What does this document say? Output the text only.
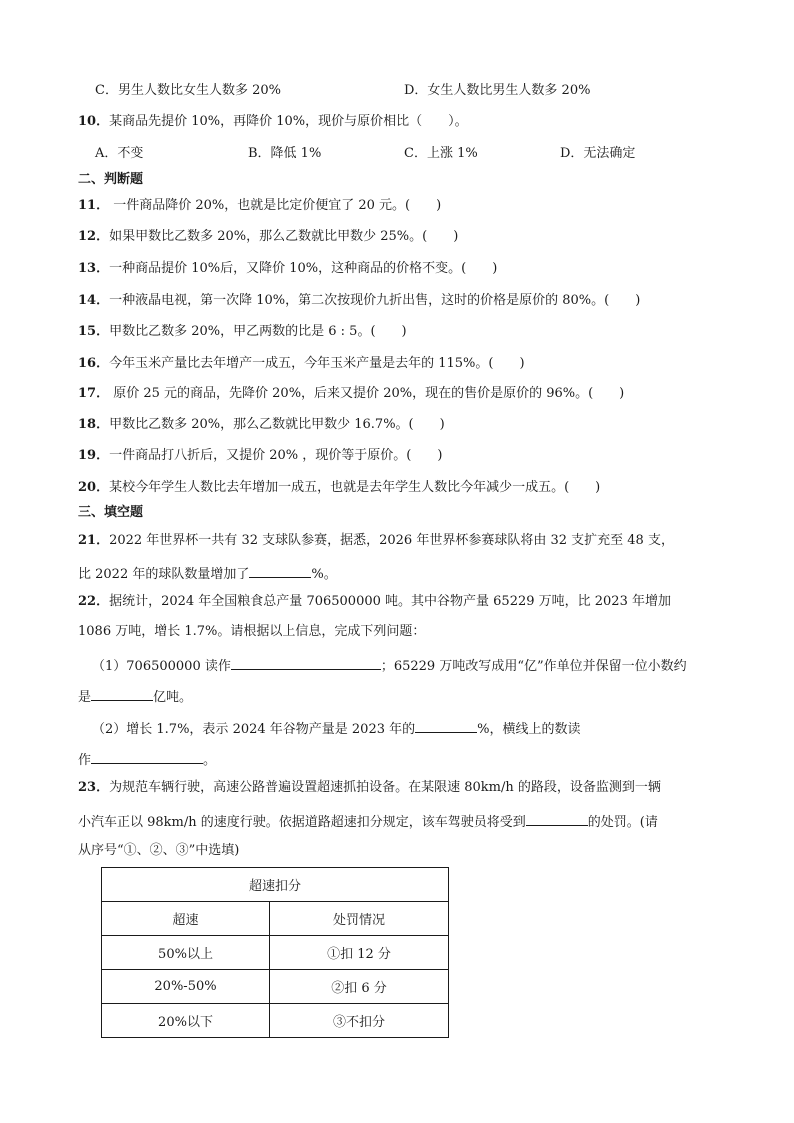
C．男生人数比女生人数多 20%	D．女生人数比男生人数多 20%
10．某商品先提价 10%，再降价 10%，现价与原价相比（　　）。
A．不变	B．降低 1%	C．上涨 1%	D．无法确定
二、判断题
11． 一件商品降价 20%，也就是比定价便宜了 20 元。(　　)
12．如果甲数比乙数多 20%，那么乙数就比甲数少 25%。(　　)
13．一种商品提价 10%后，又降价 10%，这种商品的价格不变。(　　)
14．一种液晶电视，第一次降 10%，第二次按现价九折出售，这时的价格是原价的 80%。(　　)
15．甲数比乙数多 20%，甲乙两数的比是 6 : 5。(　　)
16．今年玉米产量比去年增产一成五，今年玉米产量是去年的 115%。(　　)
17． 原价 25 元的商品，先降价 20%，后来又提价 20%，现在的售价是原价的 96%。(　　)
18．甲数比乙数多 20%，那么乙数就比甲数少 16.7%。(　　)
19．一件商品打八折后，又提价 20% ，现价等于原价。(　　)
20．某校今年学生人数比去年增加一成五，也就是去年学生人数比今年减少一成五。(　　)
三、填空题
21．2022 年世界杯一共有 32 支球队参赛，据悉，2026 年世界杯参赛球队将由 32 支扩充至 48 支，
比 2022 年的球队数量增加了	%。
22．据统计，2024 年全国粮食总产量 706500000 吨。其中谷物产量 65229 万吨，比 2023 年增加
1086 万吨，增长 1.7%。请根据以上信息，完成下列问题：
（1）706500000 读作	；65229 万吨改写成用“亿”作单位并保留一位小数约
是	亿吨。
（2）增长 1.7%，表示 2024 年谷物产量是 2023 年的	%，横线上的数读
作	。
23．为规范车辆行驶，高速公路普遍设置超速抓拍设备。在某限速 80km/h 的路段，设备监测到一辆
小汽车正以 98km/h 的速度行驶。依据道路超速扣分规定，该车驾驶员将受到	的处罚。(请
从序号“①、②、③”中选填)
超速扣分	
超速	处罚情况
50%以上	①扣 12 分
20%-50%	②扣 6 分
20%以下	③不扣分
